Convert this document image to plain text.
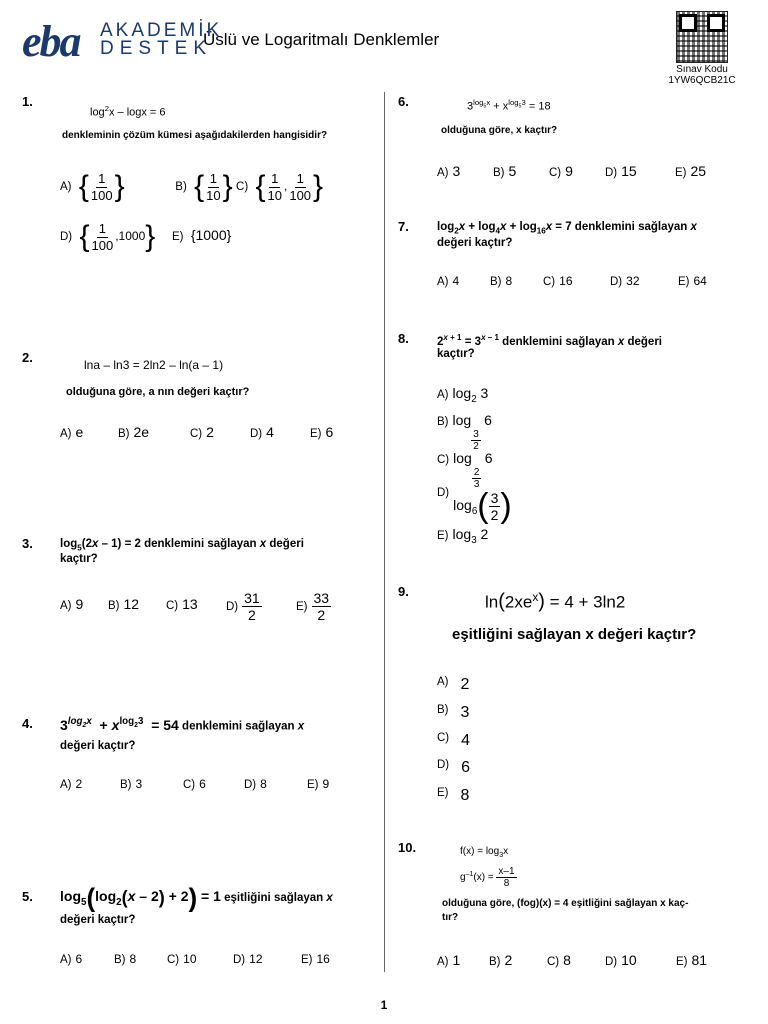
eba AKADEMİK
DESTEK
Üslü ve Logaritmalı Denklemler
Sınav Kodu
1YW6QCB21C
1.
$\log^2x - \log x = 6$
denkleminin çözüm kümesi aşağıdakilerden hangisidir?
A) { $\frac{1}{100}$ }	B) { $\frac{1}{10}$ } C) { $\frac{1}{10}$ , $\frac{1}{100}$ }
D) { $\frac{1}{100} ,1000$} E) {1000}
2.	lna – ln3 = 2ln2 – ln(a – 1)
olduğuna göre, a nın değeri kaçtır?
A) e	B) 2e	C) 2	D) 4	E) 6
3. $\log_5(2x - 1) = 2$ denklemini sağlayan x değeri
kaçtır?
A) 9 B) 12 C) 13 $D) \frac{31}{2}$	$E) \frac{33}{2}$
4. $3^{log_2x} + x^{log_23} = 54$ denklemini sağlayan x
değeri kaçtır?
A) 2	B) 3	C) 6	D) 8	E) 9
5. $\log_5(\log_2(x - 2) + 2) = 1$ eşitliğini sağlayan x
değeri kaçtır?
A) 6	B) 8	C) 10	D) 12	E) 16
6.	$3^{log_5x} + x^{log_53} = 18$
olduğuna göre, x kaçtır?
A) 3	B) 5	C) 9	D) 15	E) 25
7. $\log_2x + \log_4x + \log_{16}x = 7$ denklemini sağlayan x
değeri kaçtır?
A) 4	B) 8	C) 16	D) 32	E) 64
8. $2^{x + 1} = 3^{x - 1}$ denklemini sağlayan x değeri
kaçtır?
A) $\log_2 3$
B) log
$\frac{3}{2}$
6
C) log
$\frac{2}{3}$
6
$D)\log_6( \frac{3}{2}$ )
E) $\log_3 2$
9.
$\ln(2xe^x) = 4 + 3\ln 2$
eşitliğini sağlayan x değeri kaçtır?
A) 2
B) 3
C) 4
D) 6
E) 8
10.	$f(x) = \log_3x$
$g^{-1}(x) = \frac{x-1}{8}$
olduğuna göre, (fog)(x) = 4 eşitliğini sağlayan x kaç-
tır?
A) 1 B) 2	C) 8	D) 10	E) 81
1
